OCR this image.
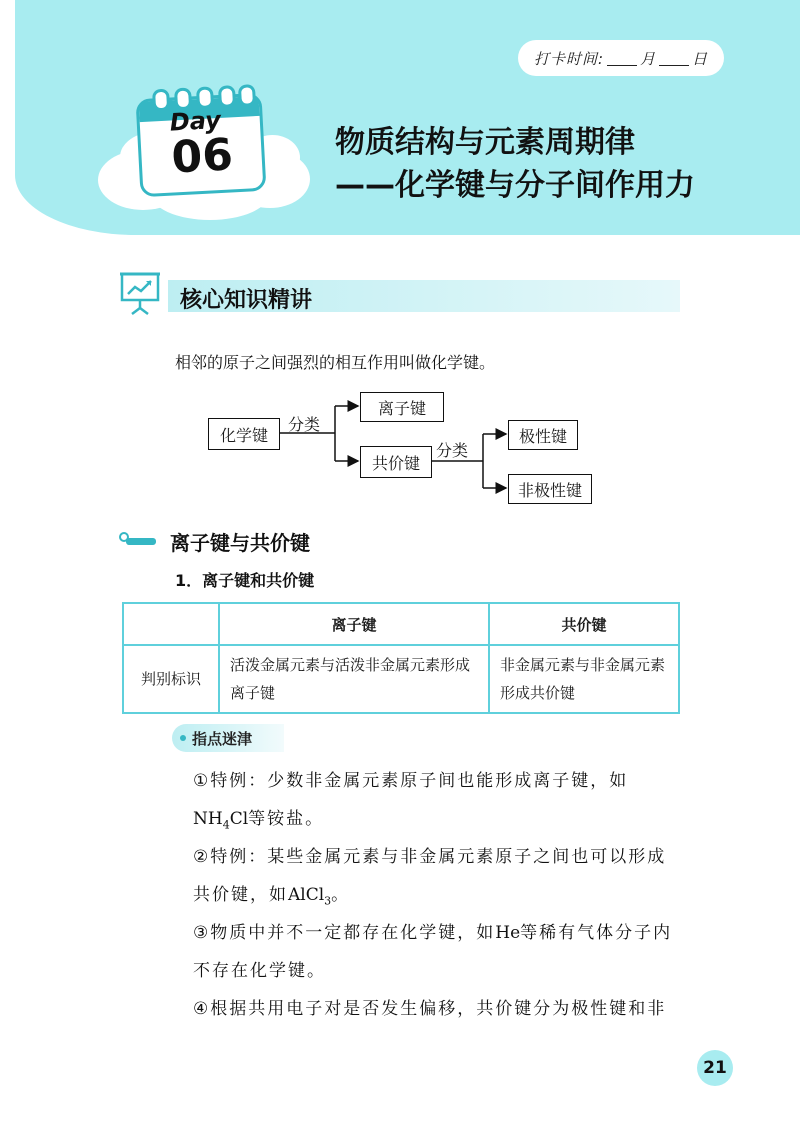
打卡时间: 月 日
Day
06	物质结构与元素周期律
——化学键与分子间作用力
核心知识精讲
相邻的原子之间强烈的相互作用叫做化学键。
化学键
分类
离子键
共价键
分类
极性键
非极性键
离子键与共价键
1．离子键和共价键
	离子键	共价键
判别标识	活泼金属元素与活泼非金属元素形成离子键	非金属元素与非金属元素形成共价键
指点迷津
①特例：少数非金属元素原子间也能形成离子键，如
$NH_4Cl$等铵盐。
②特例：某些金属元素与非金属元素原子之间也可以形成
共价键，如AlCl$_3$。
③物质中并不一定都存在化学键，如He等稀有气体分子内
不存在化学键。
④根据共用电子对是否发生偏移，共价键分为极性键和非
21
